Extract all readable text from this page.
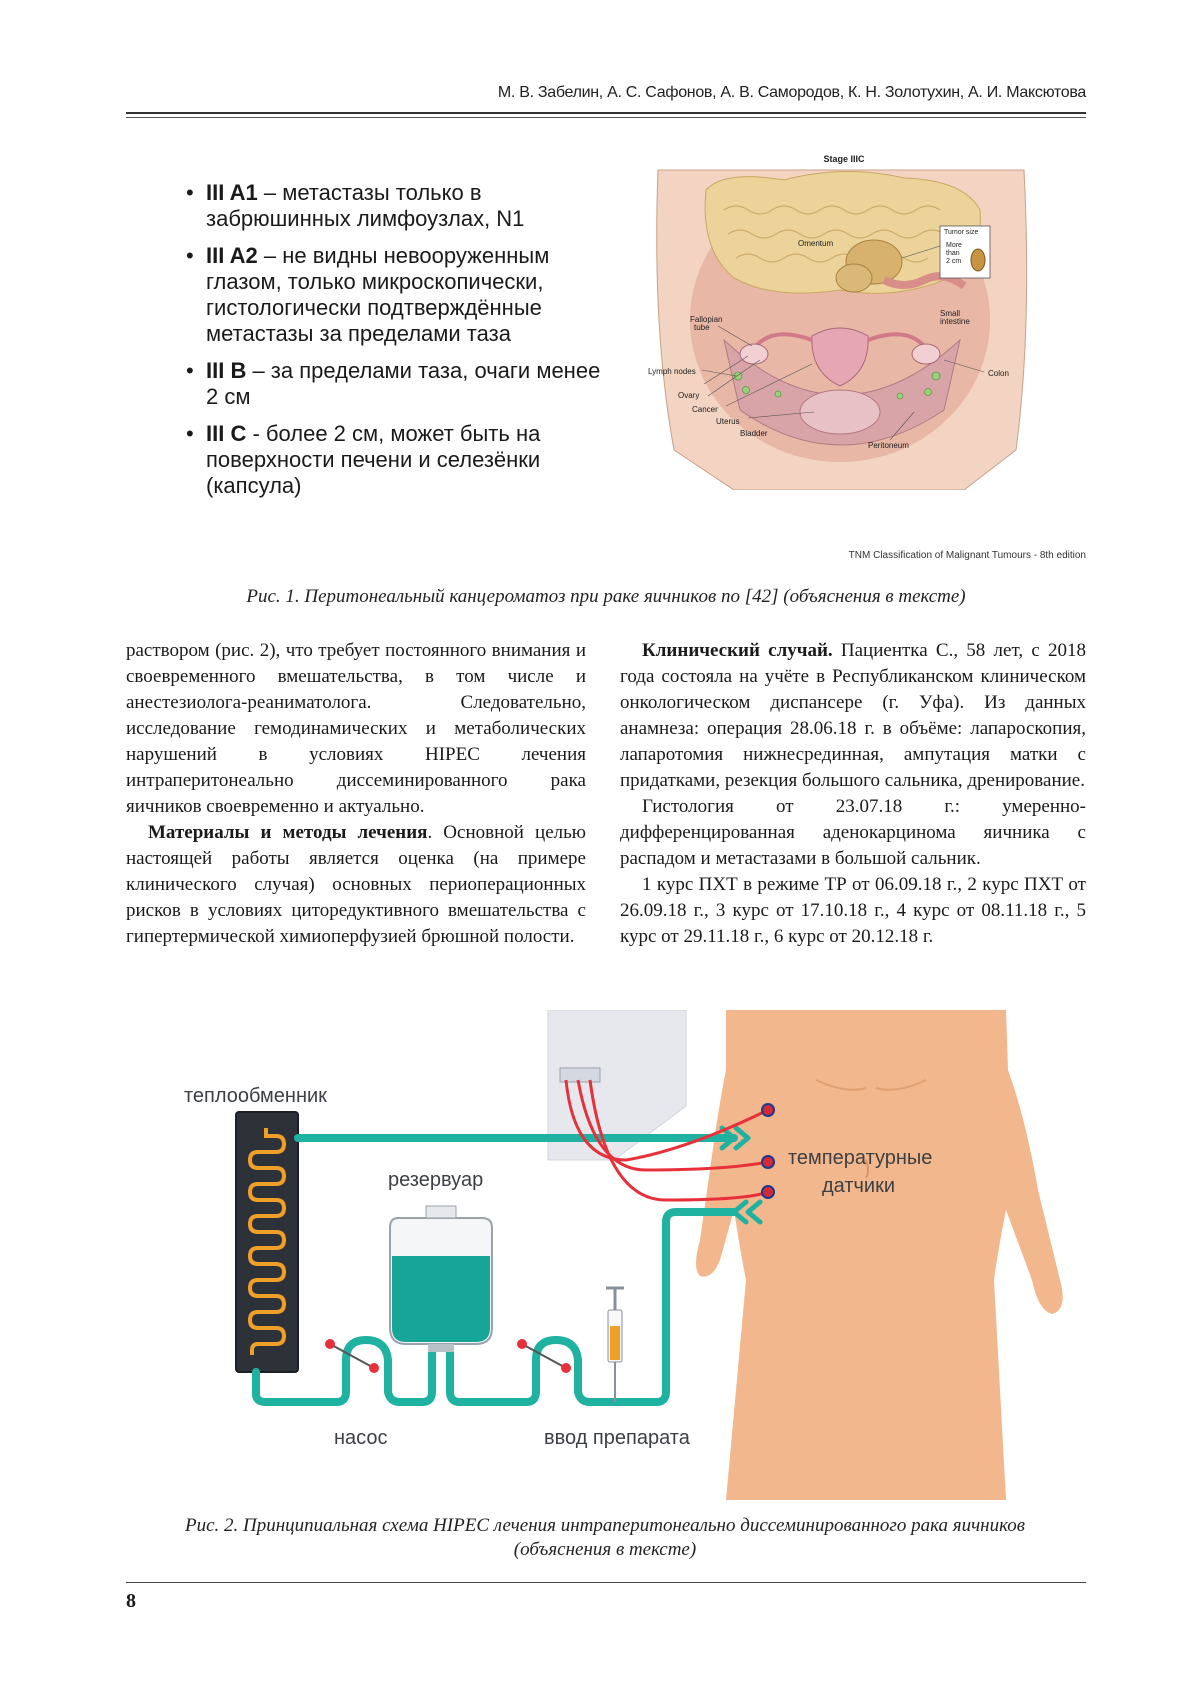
М. В. Забелин, А. С. Сафонов, А. В. Самородов, К. Н. Золотухин, А. И. Максютова
• III A1 – метастазы только в забрюшинных лимфоузлах, N1
• III A2 – не видны невооруженным глазом, только микроскопически, гистологически подтверждённые метастазы за пределами таза
• III B – за пределами таза, очаги менее 2 см
• III C - более 2 см, может быть на поверхности печени и селезёнки (капсула)
Stage IIIC
Tumor size
More
than
2 cm
Omentum
Fallopian
tube
Small
intestine
Lymph nodes	Colon
Ovary
Cancer
Uterus
Bladder
Peritoneum
TNM Classification of Malignant Tumours - 8th edition
Рис. 1. Перитонеальный канцероматоз при раке яичников по [42] (объяснения в тексте)

раствором (рис. 2), что требует постоянного внимания и своевременного вмешательства, в том числе и анестезиолога-реаниматолога. Следовательно, исследование гемодинамических и метаболических нарушений в условиях HIPEC лечения интраперитонеально диссеминированного рака яичников своевременно и актуально.

Материалы и методы лечения. Основной целью настоящей работы является оценка (на примере клинического случая) основных периоперационных рисков в условиях циторедуктивного вмешательства с гипертермической химиоперфузией брюшной полости.

Клинический случай. Пациентка С., 58 лет, с 2018 года состояла на учёте в Республиканском клиническом онкологическом диспансере (г. Уфа). Из данных анамнеза: операция 28.06.18 г. в объёме: лапароскопия, лапаротомия нижнесрединная, ампутация матки с придатками, резекция большого сальника, дренирование.

Гистология от 23.07.18 г.: умеренно-дифференцированная аденокарцинома яичника с распадом и метастазами в большой сальник.

1 курс ПХТ в режиме ТР от 06.09.18 г., 2 курс ПХТ от 26.09.18 г., 3 курс от 17.10.18 г., 4 курс от 08.11.18 г., 5 курс от 29.11.18 г., 6 курс от 20.12.18 г.

теплообменник
резервуар
температурные
датчики
насос	ввод препарата
Рис. 2. Принципиальная схема HIPEC лечения интраперитонеально диссеминированного рака яичников (объяснения в тексте)
8
